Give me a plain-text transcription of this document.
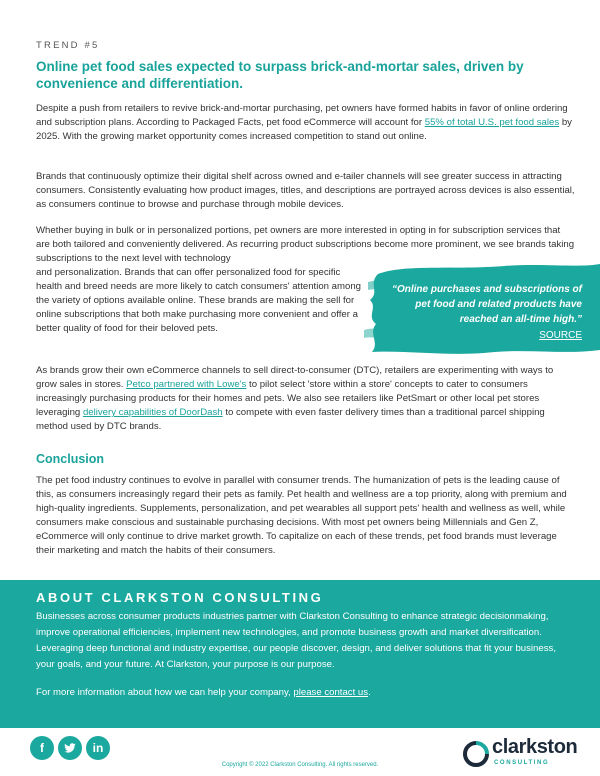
TREND #5
Online pet food sales expected to surpass brick-and-mortar sales, driven by convenience and differentiation.

Despite a push from retailers to revive brick-and-mortar purchasing, pet owners have formed habits in favor of online ordering and subscription plans. According to Packaged Facts, pet food eCommerce will account for 55% of total U.S. pet food sales by 2025. With the growing market opportunity comes increased competition to stand out online.

Brands that continuously optimize their digital shelf across owned and e-tailer channels will see greater success in attracting consumers. Consistently evaluating how product images, titles, and descriptions are portrayed across devices is also essential, as consumers continue to browse and purchase through mobile devices.

Whether buying in bulk or in personalized portions, pet owners are more interested in opting in for subscription services that are both tailored and conveniently delivered. As recurring product subscriptions become more prominent, we see brands taking subscriptions to the next level with technology

and personalization. Brands that can offer personalized food for specific health and breed needs are more likely to catch consumers' attention among the variety of options available online. These brands are making the sell for online subscriptions that both make purchasing more convenient and offer a better quality of food for their beloved pets.

“Online purchases and subscriptions of pet food and related products have reached an all-time high.”
SOURCE

As brands grow their own eCommerce channels to sell direct-to-consumer (DTC), retailers are experimenting with ways to grow sales in stores. Petco partnered with Lowe's to pilot select 'store within a store' concepts to cater to consumers increasingly purchasing products for their homes and pets. We also see retailers like PetSmart or other local pet stores leveraging delivery capabilities of DoorDash to compete with even faster delivery times than a traditional parcel shipping method used by DTC brands.

Conclusion

The pet food industry continues to evolve in parallel with consumer trends. The humanization of pets is the leading cause of this, as consumers increasingly regard their pets as family. Pet health and wellness are a top priority, along with premium and high-quality ingredients. Supplements, personalization, and pet wearables all support pets' health and wellness as well, while consumers make conscious and sustainable purchasing decisions. With most pet owners being Millennials and Gen Z, eCommerce will only continue to drive market growth. To capitalize on each of these trends, pet food brands must leverage their marketing and match the habits of their consumers.

ABOUT CLARKSTON CONSULTING
Businesses across consumer products industries partner with Clarkston Consulting to enhance strategic decisionmaking, improve operational efficiencies, implement new technologies, and promote business growth and market diversification. Leveraging deep functional and industry expertise, our people discover, design, and deliver solutions that fit your business, your goals, and your future. At Clarkston, your purpose is our purpose.
For more information about how we can help your company, please contact us.
f	in
Copyright © 2022 Clarkston Consulting. All rights reserved.
clarkston
CONSULTING
